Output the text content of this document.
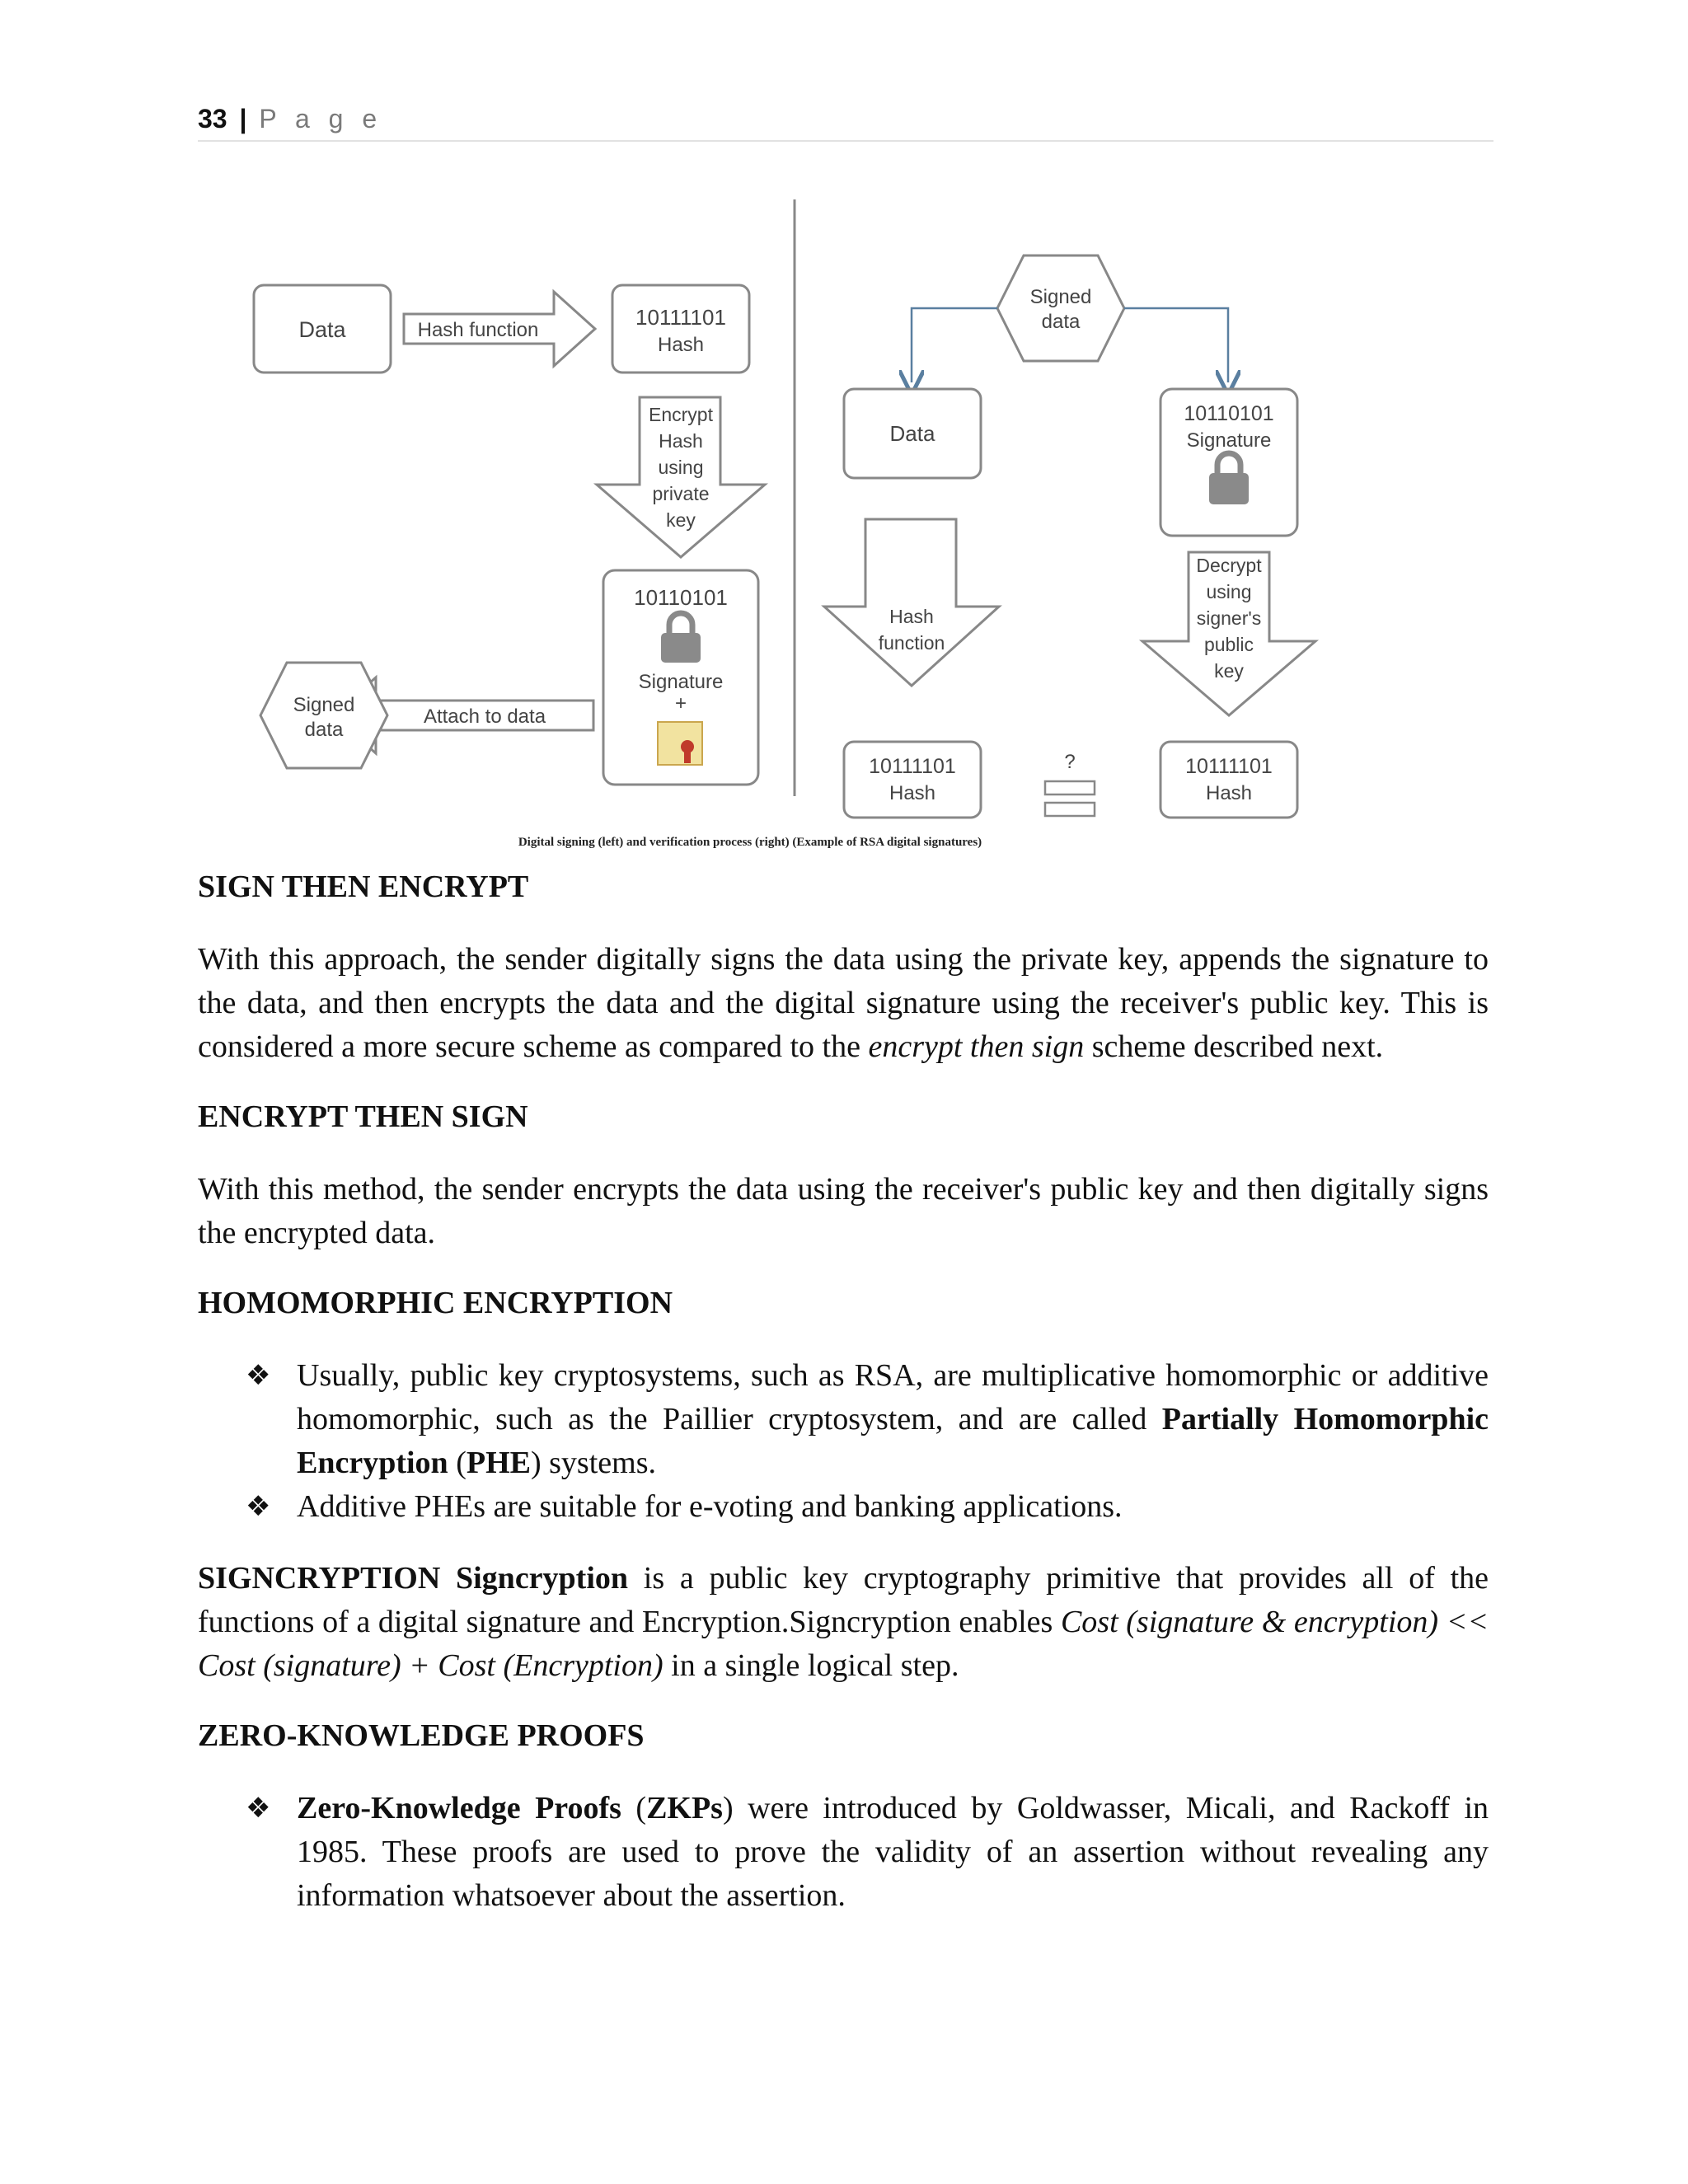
33 | P a g e
Data	Hash function
10111101
Hash
Encrypt
Hash
using
private
key
10110101
Signature
+
Attach to data
Signed
data
Signed
data
Data
10110101
Signature
Hash
function
Decrypt
using
signer's
public
key
10111101
Hash
?	10111101
Hash
Digital signing (left) and verification process (right) (Example of RSA digital signatures)

SIGN THEN ENCRYPT

With this approach, the sender digitally signs the data using the private key, appends the signature to the data, and then encrypts the data and the digital signature using the receiver's public key. This is considered a more secure scheme as compared to the encrypt then sign scheme described next.

ENCRYPT THEN SIGN

With this method, the sender encrypts the data using the receiver's public key and then digitally signs the encrypted data.

HOMOMORPHIC ENCRYPTION

❖ Usually, public key cryptosystems, such as RSA, are multiplicative homomorphic or additive homomorphic, such as the Paillier cryptosystem, and are called Partially Homomorphic Encryption (PHE) systems.
❖ Additive PHEs are suitable for e-voting and banking applications.

SIGNCRYPTION Signcryption is a public key cryptography primitive that provides all of the functions of a digital signature and Encryption.Signcryption enables Cost (signature & encryption) << Cost (signature) + Cost (Encryption) in a single logical step.

ZERO-KNOWLEDGE PROOFS

❖ Zero-Knowledge Proofs (ZKPs) were introduced by Goldwasser, Micali, and Rackoff in 1985. These proofs are used to prove the validity of an assertion without revealing any information whatsoever about the assertion.
